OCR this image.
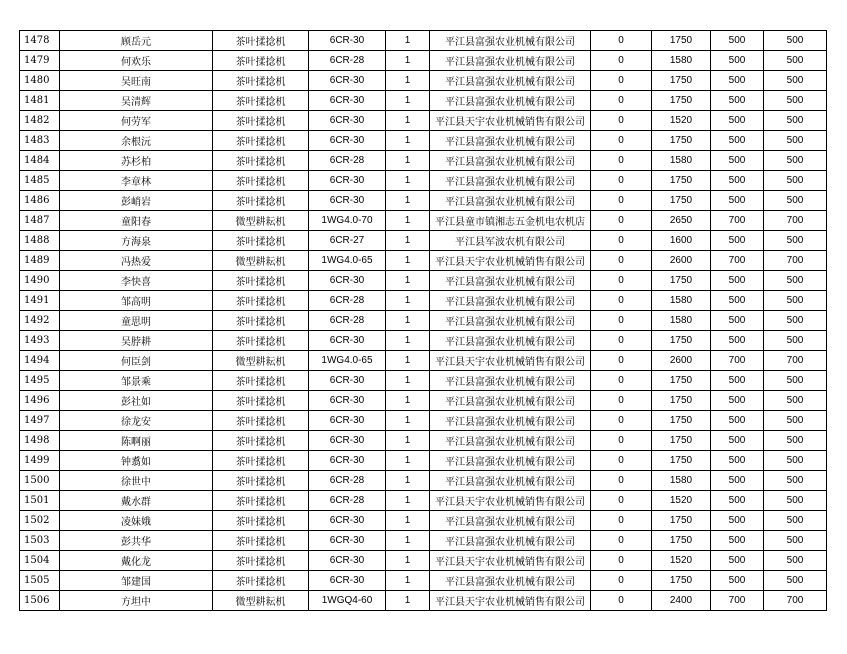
1478	顾岳元	茶叶揉捻机	6CR-30	1	平江县富强农业机械有限公司	0	1750	500	500
1479	何欢乐	茶叶揉捻机	6CR-28	1	平江县富强农业机械有限公司	0	1580	500	500
1480	吴旺南	茶叶揉捻机	6CR-30	1	平江县富强农业机械有限公司	0	1750	500	500
1481	吴清辉	茶叶揉捻机	6CR-30	1	平江县富强农业机械有限公司	0	1750	500	500
1482	何劳军	茶叶揉捻机	6CR-30	1	平江县天宇农业机械销售有限公司	0	1520	500	500
1483	余根沅	茶叶揉捻机	6CR-30	1	平江县富强农业机械有限公司	0	1750	500	500
1484	苏杉柏	茶叶揉捻机	6CR-28	1	平江县富强农业机械有限公司	0	1580	500	500
1485	李章林	茶叶揉捻机	6CR-30	1	平江县富强农业机械有限公司	0	1750	500	500
1486	彭峭岩	茶叶揉捻机	6CR-30	1	平江县富强农业机械有限公司	0	1750	500	500
1487	童阳春	微型耕耘机	1WG4.0-70	1	平江县童市镇湘志五金机电农机店	0	2650	700	700
1488	方海泉	茶叶揉捻机	6CR-27	1	平江县军波农机有限公司	0	1600	500	500
1489	冯热爱	微型耕耘机	1WG4.0-65	1	平江县天宇农业机械销售有限公司	0	2600	700	700
1490	李快喜	茶叶揉捻机	6CR-30	1	平江县富强农业机械有限公司	0	1750	500	500
1491	邹高明	茶叶揉捻机	6CR-28	1	平江县富强农业机械有限公司	0	1580	500	500
1492	童思明	茶叶揉捻机	6CR-28	1	平江县富强农业机械有限公司	0	1580	500	500
1493	吴脖耕	茶叶揉捻机	6CR-30	1	平江县富强农业机械有限公司	0	1750	500	500
1494	何臣剑	微型耕耘机	1WG4.0-65	1	平江县天宇农业机械销售有限公司	0	2600	700	700
1495	邹景乘	茶叶揉捻机	6CR-30	1	平江县富强农业机械有限公司	0	1750	500	500
1496	彭社如	茶叶揉捻机	6CR-30	1	平江县富强农业机械有限公司	0	1750	500	500
1497	徐龙安	茶叶揉捻机	6CR-30	1	平江县富强农业机械有限公司	0	1750	500	500
1498	陈啊丽	茶叶揉捻机	6CR-30	1	平江县富强农业机械有限公司	0	1750	500	500
1499	钟翥如	茶叶揉捻机	6CR-30	1	平江县富强农业机械有限公司	0	1750	500	500
1500	徐世中	茶叶揉捻机	6CR-28	1	平江县富强农业机械有限公司	0	1580	500	500
1501	戴水群	茶叶揉捻机	6CR-28	1	平江县天宇农业机械销售有限公司	0	1520	500	500
1502	凌妹娥	茶叶揉捻机	6CR-30	1	平江县富强农业机械有限公司	0	1750	500	500
1503	彭共华	茶叶揉捻机	6CR-30	1	平江县富强农业机械有限公司	0	1750	500	500
1504	戴化龙	茶叶揉捻机	6CR-30	1	平江县天宇农业机械销售有限公司	0	1520	500	500
1505	邹建国	茶叶揉捻机	6CR-30	1	平江县富强农业机械有限公司	0	1750	500	500
1506	方坦中	微型耕耘机	1WGQ4-60	1	平江县天宇农业机械销售有限公司	0	2400	700	700
